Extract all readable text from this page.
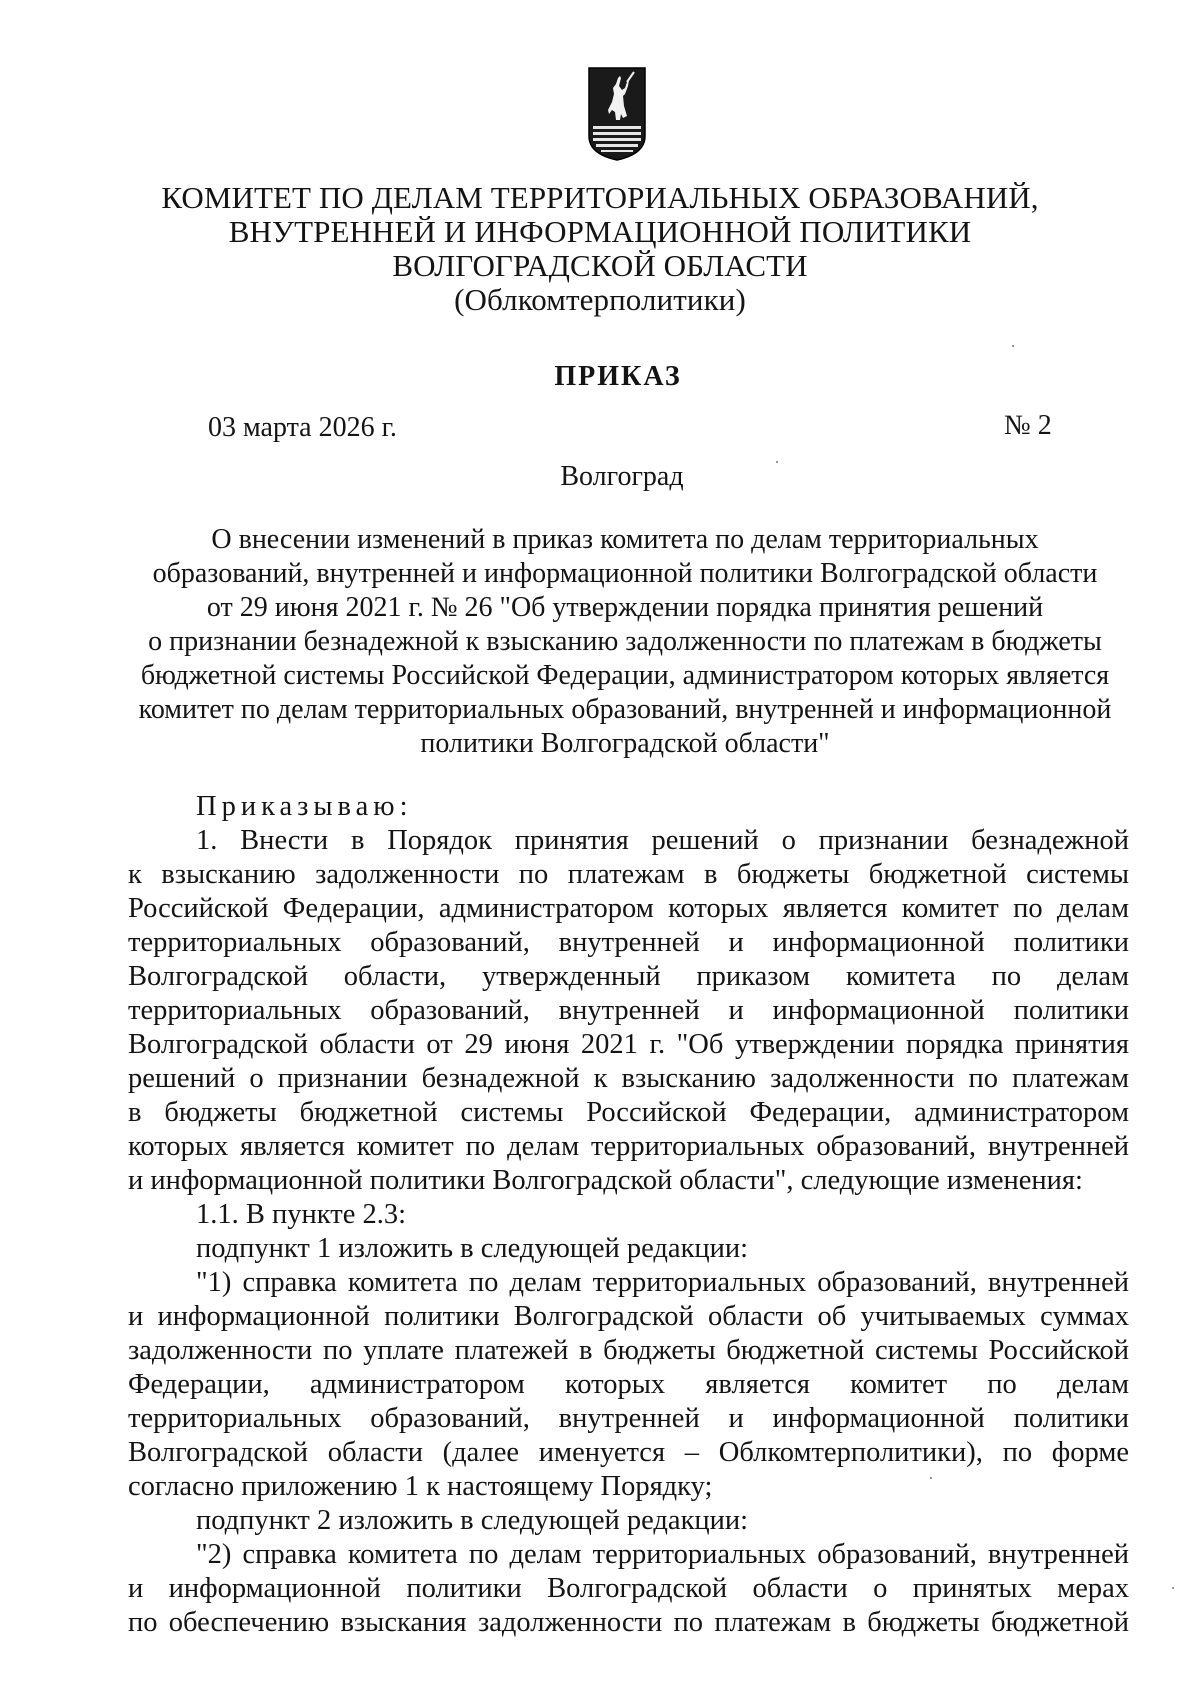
КОМИТЕТ ПО ДЕЛАМ ТЕРРИТОРИАЛЬНЫХ ОБРАЗОВАНИЙ,
ВНУТРЕННЕЙ И ИНФОРМАЦИОННОЙ ПОЛИТИКИ
ВОЛГОГРАДСКОЙ ОБЛАСТИ
(Облкомтерполитики)
ПРИКАЗ
03 марта 2026 г.	№ 2
Волгоград
О внесении изменений в приказ комитета по делам территориальных
образований, внутренней и информационной политики Волгоградской области
от 29 июня 2021 г. № 26 "Об утверждении порядка принятия решений
о признании безнадежной к взысканию задолженности по платежам в бюджеты
бюджетной системы Российской Федерации, администратором которых является
комитет по делам территориальных образований, внутренней и информационной
политики Волгоградской области"
Приказываю:
1. Внести в Порядок принятия решений о признании безнадежной
к взысканию задолженности по платежам в бюджеты бюджетной системы
Российской Федерации, администратором которых является комитет по делам
территориальных образований, внутренней и информационной политики
Волгоградской области, утвержденный приказом комитета по делам
территориальных образований, внутренней и информационной политики
Волгоградской области от 29 июня 2021 г. "Об утверждении порядка принятия
решений о признании безнадежной к взысканию задолженности по платежам
в бюджеты бюджетной системы Российской Федерации, администратором
которых является комитет по делам территориальных образований, внутренней
и информационной политики Волгоградской области", следующие изменения:
1.1. В пункте 2.3:
подпункт 1 изложить в следующей редакции:
"1) справка комитета по делам территориальных образований, внутренней
и информационной политики Волгоградской области об учитываемых суммах
задолженности по уплате платежей в бюджеты бюджетной системы Российской
Федерации, администратором которых является комитет по делам
территориальных образований, внутренней и информационной политики
Волгоградской области (далее именуется – Облкомтерполитики), по форме
согласно приложению 1 к настоящему Порядку;
подпункт 2 изложить в следующей редакции:
"2) справка комитета по делам территориальных образований, внутренней
и информационной политики Волгоградской области о принятых мерах
по обеспечению взыскания задолженности по платежам в бюджеты бюджетной
